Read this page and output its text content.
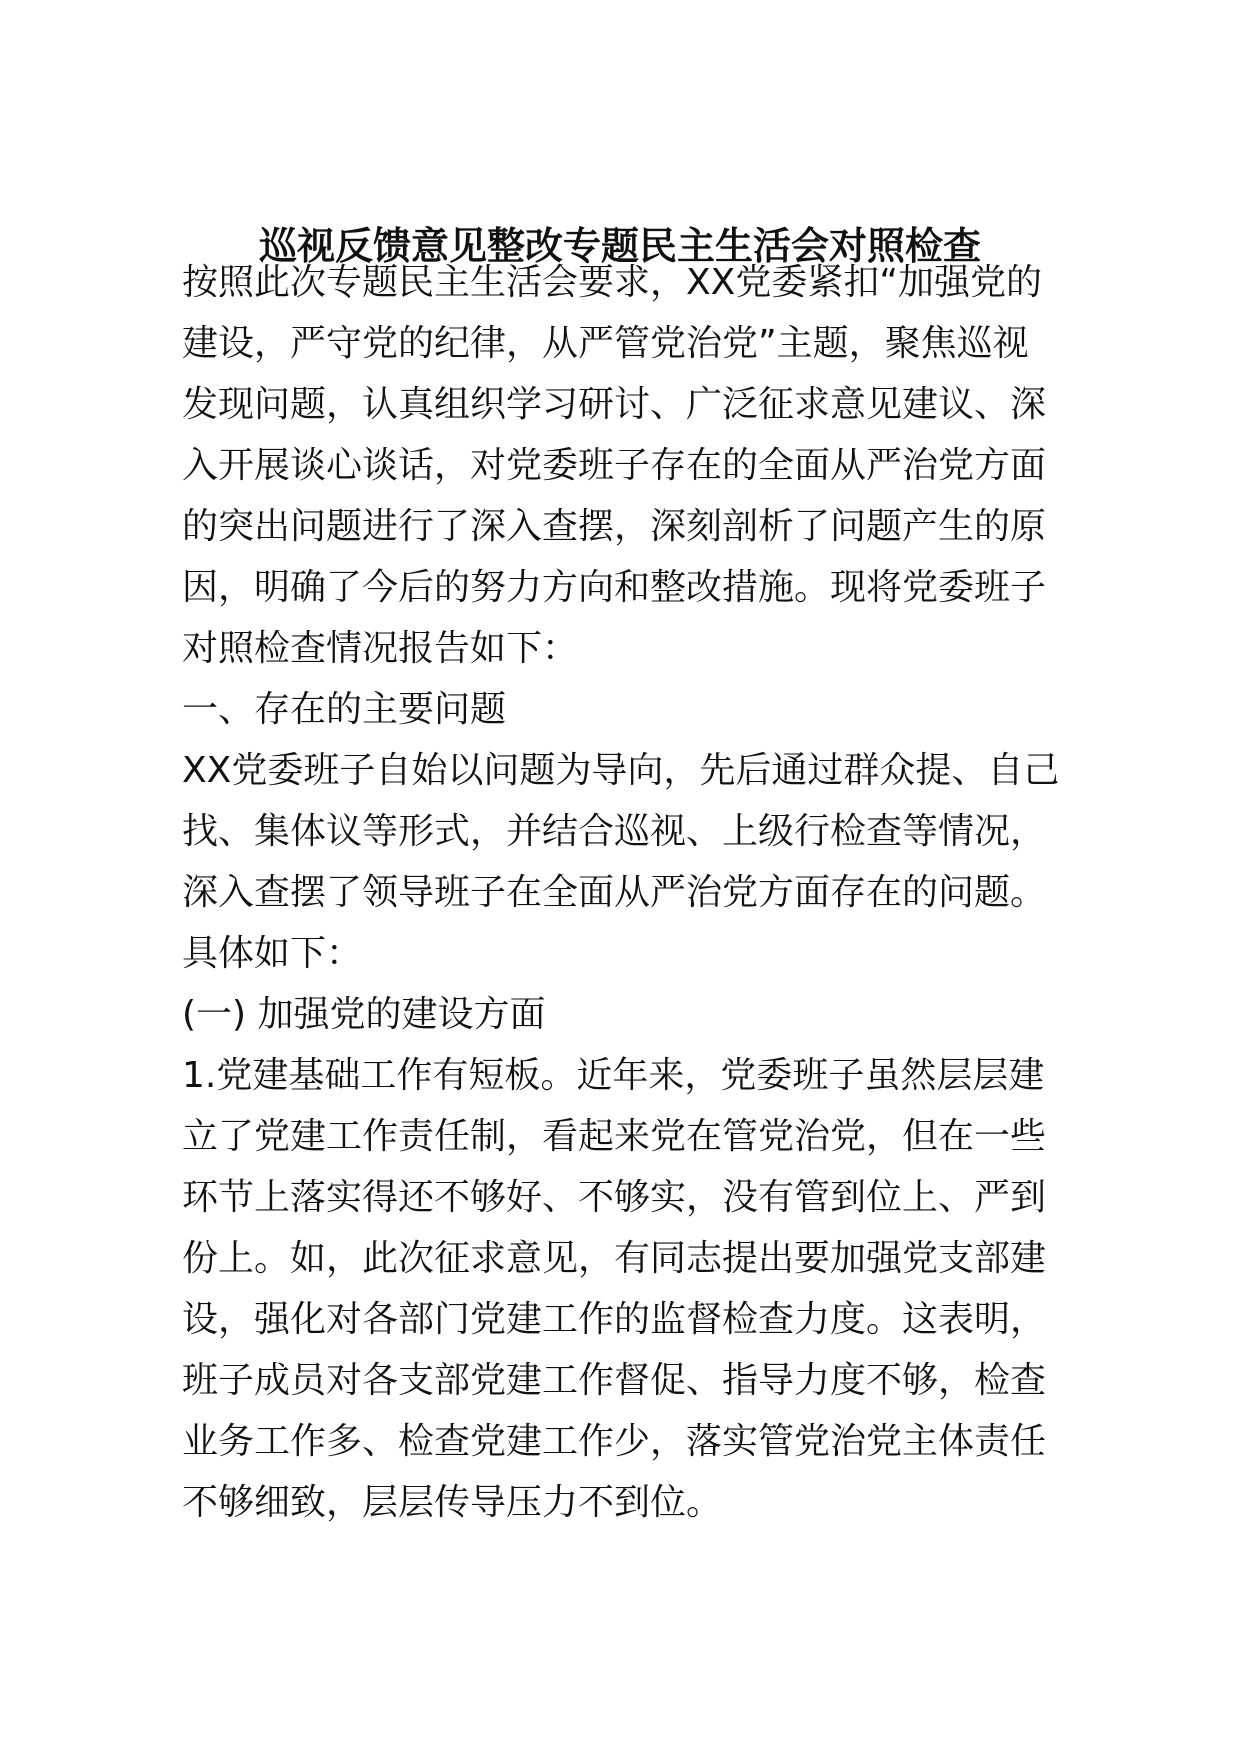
巡视反馈意见整改专题民主生活会对照检查
按照此次专题民主生活会要求，XX党委紧扣“加强党的
建设，严守党的纪律，从严管党治党”主题，聚焦巡视
发现问题，认真组织学习研讨、广泛征求意见建议、深
入开展谈心谈话，对党委班子存在的全面从严治党方面
的突出问题进行了深入查摆，深刻剖析了问题产生的原
因，明确了今后的努力方向和整改措施。现将党委班子
对照检查情况报告如下：
一、存在的主要问题
XX党委班子自始以问题为导向，先后通过群众提、自己
找、集体议等形式，并结合巡视、上级行检查等情况，
深入查摆了领导班子在全面从严治党方面存在的问题。
具体如下：
(一) 加强党的建设方面
1.党建基础工作有短板。近年来，党委班子虽然层层建
立了党建工作责任制，看起来党在管党治党，但在一些
环节上落实得还不够好、不够实，没有管到位上、严到
份上。如，此次征求意见，有同志提出要加强党支部建
设，强化对各部门党建工作的监督检查力度。这表明，
班子成员对各支部党建工作督促、指导力度不够，检查
业务工作多、检查党建工作少，落实管党治党主体责任
不够细致，层层传导压力不到位。
